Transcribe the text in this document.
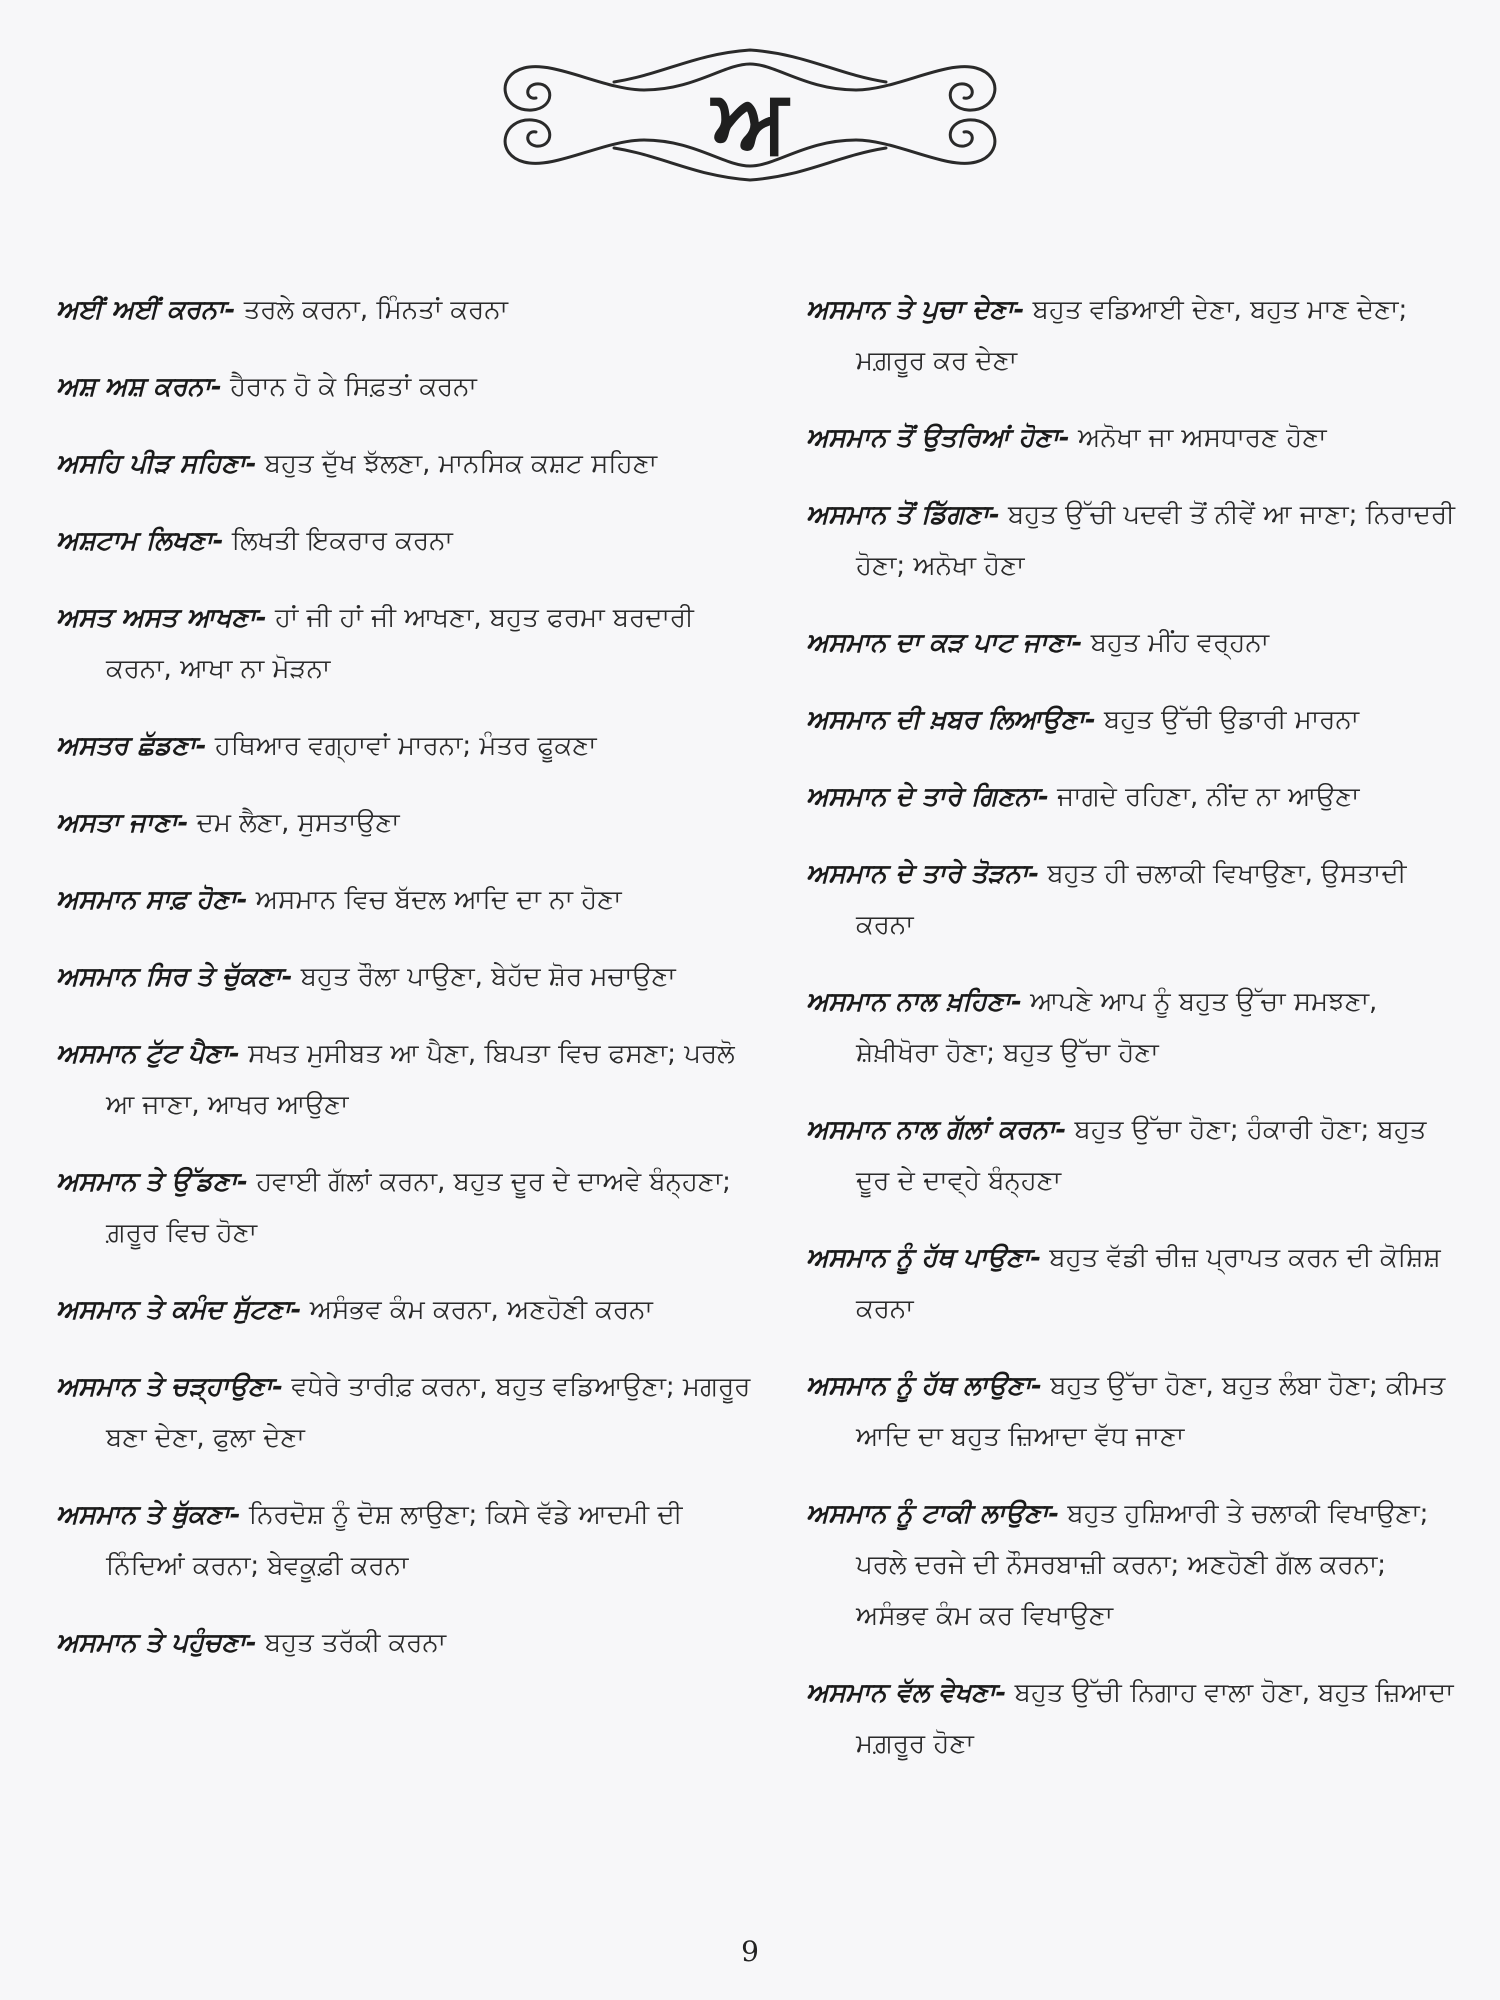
ਅ
ਅਈਂ ਅਈਂ ਕਰਨਾ- ਤਰਲੇ ਕਰਨਾ, ਮਿੰਨਤਾਂ ਕਰਨਾ
ਅਸ਼ ਅਸ਼ ਕਰਨਾ- ਹੈਰਾਨ ਹੋ ਕੇ ਸਿਫ਼ਤਾਂ ਕਰਨਾ
ਅਸਹਿ ਪੀੜ ਸਹਿਣਾ- ਬਹੁਤ ਦੁੱਖ ਝੱਲਣਾ, ਮਾਨਸਿਕ ਕਸ਼ਟ ਸਹਿਣਾ
ਅਸ਼ਟਾਮ ਲਿਖਣਾ- ਲਿਖਤੀ ਇਕਰਾਰ ਕਰਨਾ
ਅਸਤ ਅਸਤ ਆਖਣਾ- ਹਾਂ ਜੀ ਹਾਂ ਜੀ ਆਖਣਾ, ਬਹੁਤ ਫਰਮਾ ਬਰਦਾਰੀ ਕਰਨਾ, ਆਖਾ ਨਾ ਮੋੜਨਾ
ਅਸਤਰ ਛੱਡਣਾ- ਹਥਿਆਰ ਵਗ੍ਹਾਵਾਂ ਮਾਰਨਾ; ਮੰਤਰ ਫੂਕਣਾ
ਅਸਤਾ ਜਾਣਾ- ਦਮ ਲੈਣਾ, ਸੁਸਤਾਉਣਾ
ਅਸਮਾਨ ਸਾਫ਼ ਹੋਣਾ- ਅਸਮਾਨ ਵਿਚ ਬੱਦਲ ਆਦਿ ਦਾ ਨਾ ਹੋਣਾ
ਅਸਮਾਨ ਸਿਰ ਤੇ ਚੁੱਕਣਾ- ਬਹੁਤ ਰੌਲਾ ਪਾਉਣਾ, ਬੇਹੱਦ ਸ਼ੋਰ ਮਚਾਉਣਾ
ਅਸਮਾਨ ਟੁੱਟ ਪੈਣਾ- ਸਖਤ ਮੁਸੀਬਤ ਆ ਪੈਣਾ, ਬਿਪਤਾ ਵਿਚ ਫਸਣਾ; ਪਰਲੋ ਆ ਜਾਣਾ, ਆਖਰ ਆਉਣਾ
ਅਸਮਾਨ ਤੇ ਉੱਡਣਾ- ਹਵਾਈ ਗੱਲਾਂ ਕਰਨਾ, ਬਹੁਤ ਦੂਰ ਦੇ ਦਾਅਵੇ ਬੰਨ੍ਹਣਾ; ਗ਼ਰੂਰ ਵਿਚ ਹੋਣਾ
ਅਸਮਾਨ ਤੇ ਕਮੰਦ ਸੁੱਟਣਾ- ਅਸੰਭਵ ਕੰਮ ਕਰਨਾ, ਅਣਹੋਣੀ ਕਰਨਾ
ਅਸਮਾਨ ਤੇ ਚੜ੍ਹਾਉਣਾ- ਵਧੇਰੇ ਤਾਰੀਫ਼ ਕਰਨਾ, ਬਹੁਤ ਵਡਿਆਉਣਾ; ਮਗਰੂਰ ਬਣਾ ਦੇਣਾ, ਫੁਲਾ ਦੇਣਾ
ਅਸਮਾਨ ਤੇ ਥੁੱਕਣਾ- ਨਿਰਦੋਸ਼ ਨੂੰ ਦੋਸ਼ ਲਾਉਣਾ; ਕਿਸੇ ਵੱਡੇ ਆਦਮੀ ਦੀ ਨਿੰਦਿਆਂ ਕਰਨਾ; ਬੇਵਕੂਫ਼ੀ ਕਰਨਾ
ਅਸਮਾਨ ਤੇ ਪਹੁੰਚਣਾ- ਬਹੁਤ ਤਰੱਕੀ ਕਰਨਾ
ਅਸਮਾਨ ਤੇ ਪੁਚਾ ਦੇਣਾ- ਬਹੁਤ ਵਡਿਆਈ ਦੇਣਾ, ਬਹੁਤ ਮਾਣ ਦੇਣਾ; ਮਗ਼ਰੂਰ ਕਰ ਦੇਣਾ
ਅਸਮਾਨ ਤੋਂ ਉਤਰਿਆਂ ਹੋਣਾ- ਅਨੋਖਾ ਜਾ ਅਸਧਾਰਣ ਹੋਣਾ
ਅਸਮਾਨ ਤੋਂ ਡਿੱਗਣਾ- ਬਹੁਤ ਉੱਚੀ ਪਦਵੀ ਤੋਂ ਨੀਵੇਂ ਆ ਜਾਣਾ; ਨਿਰਾਦਰੀ ਹੋਣਾ; ਅਨੋਖਾ ਹੋਣਾ
ਅਸਮਾਨ ਦਾ ਕੜ ਪਾਟ ਜਾਣਾ- ਬਹੁਤ ਮੀਂਹ ਵਰ੍ਹਨਾ
ਅਸਮਾਨ ਦੀ ਖ਼ਬਰ ਲਿਆਉਣਾ- ਬਹੁਤ ਉੱਚੀ ਉਡਾਰੀ ਮਾਰਨਾ
ਅਸਮਾਨ ਦੇ ਤਾਰੇ ਗਿਣਨਾ- ਜਾਗਦੇ ਰਹਿਣਾ, ਨੀਂਦ ਨਾ ਆਉਣਾ
ਅਸਮਾਨ ਦੇ ਤਾਰੇ ਤੋੜਨਾ- ਬਹੁਤ ਹੀ ਚਲਾਕੀ ਵਿਖਾਉਣਾ, ਉਸਤਾਦੀ ਕਰਨਾ
ਅਸਮਾਨ ਨਾਲ ਖ਼ਹਿਣਾ- ਆਪਣੇ ਆਪ ਨੂੰ ਬਹੁਤ ਉੱਚਾ ਸਮਝਣਾ, ਸ਼ੇਖ਼ੀਖੋਰਾ ਹੋਣਾ; ਬਹੁਤ ਉੱਚਾ ਹੋਣਾ
ਅਸਮਾਨ ਨਾਲ ਗੱਲਾਂ ਕਰਨਾ- ਬਹੁਤ ਉੱਚਾ ਹੋਣਾ; ਹੰਕਾਰੀ ਹੋਣਾ; ਬਹੁਤ ਦੂਰ ਦੇ ਦਾਵ੍ਹੇ ਬੰਨ੍ਹਣਾ
ਅਸਮਾਨ ਨੂੰ ਹੱਥ ਪਾਉਣਾ- ਬਹੁਤ ਵੱਡੀ ਚੀਜ਼ ਪ੍ਰਾਪਤ ਕਰਨ ਦੀ ਕੋਸ਼ਿਸ਼ ਕਰਨਾ
ਅਸਮਾਨ ਨੂੰ ਹੱਥ ਲਾਉਣਾ- ਬਹੁਤ ਉੱਚਾ ਹੋਣਾ, ਬਹੁਤ ਲੰਬਾ ਹੋਣਾ; ਕੀਮਤ ਆਦਿ ਦਾ ਬਹੁਤ ਜ਼ਿਆਦਾ ਵੱਧ ਜਾਣਾ
ਅਸਮਾਨ ਨੂੰ ਟਾਕੀ ਲਾਉਣਾ- ਬਹੁਤ ਹੁਸ਼ਿਆਰੀ ਤੇ ਚਲਾਕੀ ਵਿਖਾਉਣਾ; ਪਰਲੇ ਦਰਜੇ ਦੀ ਨੌਸਰਬਾਜ਼ੀ ਕਰਨਾ; ਅਣਹੋਣੀ ਗੱਲ ਕਰਨਾ; ਅਸੰਭਵ ਕੰਮ ਕਰ ਵਿਖਾਉਣਾ
ਅਸਮਾਨ ਵੱਲ ਵੇਖਣਾ- ਬਹੁਤ ਉੱਚੀ ਨਿਗਾਹ ਵਾਲਾ ਹੋਣਾ, ਬਹੁਤ ਜ਼ਿਆਦਾ ਮਗ਼ਰੂਰ ਹੋਣਾ
9
